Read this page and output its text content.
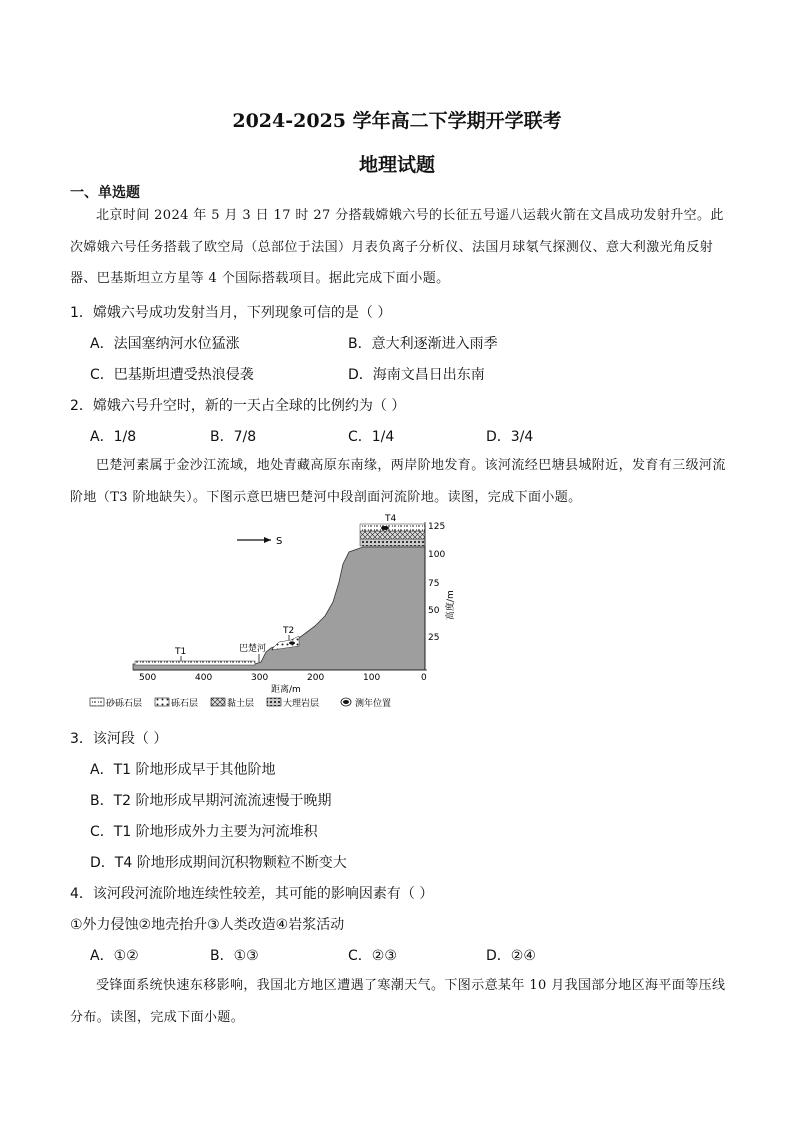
2024-2025 学年高二下学期开学联考
地理试题
一、单选题
北京时间 2024 年 5 月 3 日 17 时 27 分搭载嫦娥六号的长征五号遥八运载火箭在文昌成功发射升空。此次嫦娥六号任务搭载了欧空局（总部位于法国）月表负离子分析仪、法国月球氡气探测仪、意大利激光角反射器、巴基斯坦立方星等 4 个国际搭载项目。据此完成下面小题。
1．嫦娥六号成功发射当月，下列现象可信的是（ ）
A．法国塞纳河水位猛涨	B．意大利逐渐进入雨季
C．巴基斯坦遭受热浪侵袭	D．海南文昌日出东南
2．嫦娥六号升空时，新的一天占全球的比例约为（ ）
A．1/8	B．7/8	C．1/4	D．3/4
巴楚河素属于金沙江流域，地处青藏高原东南缘，两岸阶地发育。该河流经巴塘县城附近，发育有三级河流阶地（T3 阶地缺失）。下图示意巴塘巴楚河中段剖面河流阶地。读图，完成下面小题。
S
T1
T2
T4
巴楚河
500	400	300	200	100	0
距离/m
125
100
75
50
25
高度/m
砂砾石层	砾石层	黏土层	大理岩层	测年位置
3．该河段（ ）
A．T1 阶地形成早于其他阶地
B．T2 阶地形成早期河流流速慢于晚期
C．T1 阶地形成外力主要为河流堆积
D．T4 阶地形成期间沉积物颗粒不断变大
4．该河段河流阶地连续性较差，其可能的影响因素有（ ）
①外力侵蚀②地壳抬升③人类改造④岩浆活动
A．①②	B．①③	C．②③	D．②④
受锋面系统快速东移影响，我国北方地区遭遇了寒潮天气。下图示意某年 10 月我国部分地区海平面等压线分布。读图，完成下面小题。
